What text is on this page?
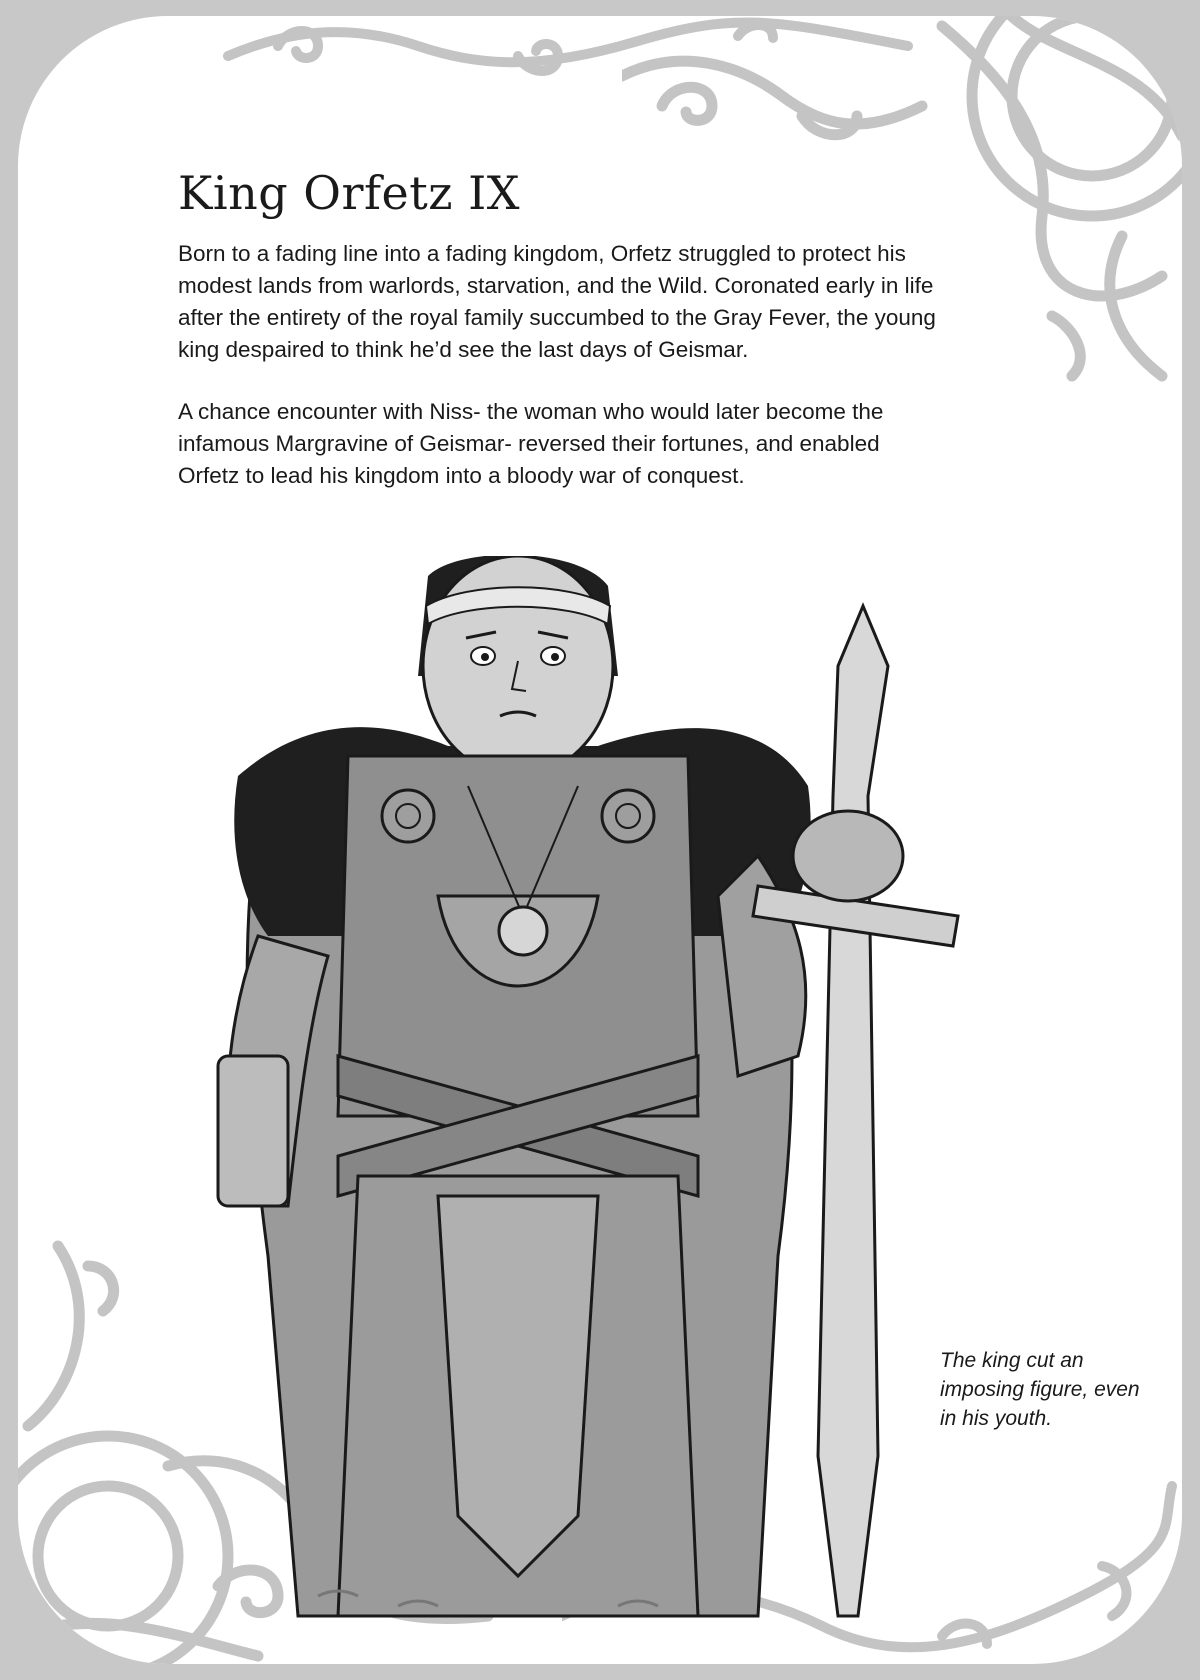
King Orfetz IX

Born to a fading line into a fading kingdom, Orfetz struggled to protect his modest lands from warlords, starvation, and the Wild. Coronated early in life after the entirety of the royal family succumbed to the Gray Fever, the young king despaired to think he’d see the last days of Geismar.

A chance encounter with Niss- the woman who would later become the infamous Margravine of Geismar- reversed their fortunes, and enabled Orfetz to lead his kingdom into a bloody war of conquest.

The king cut an imposing figure, even in his youth.
